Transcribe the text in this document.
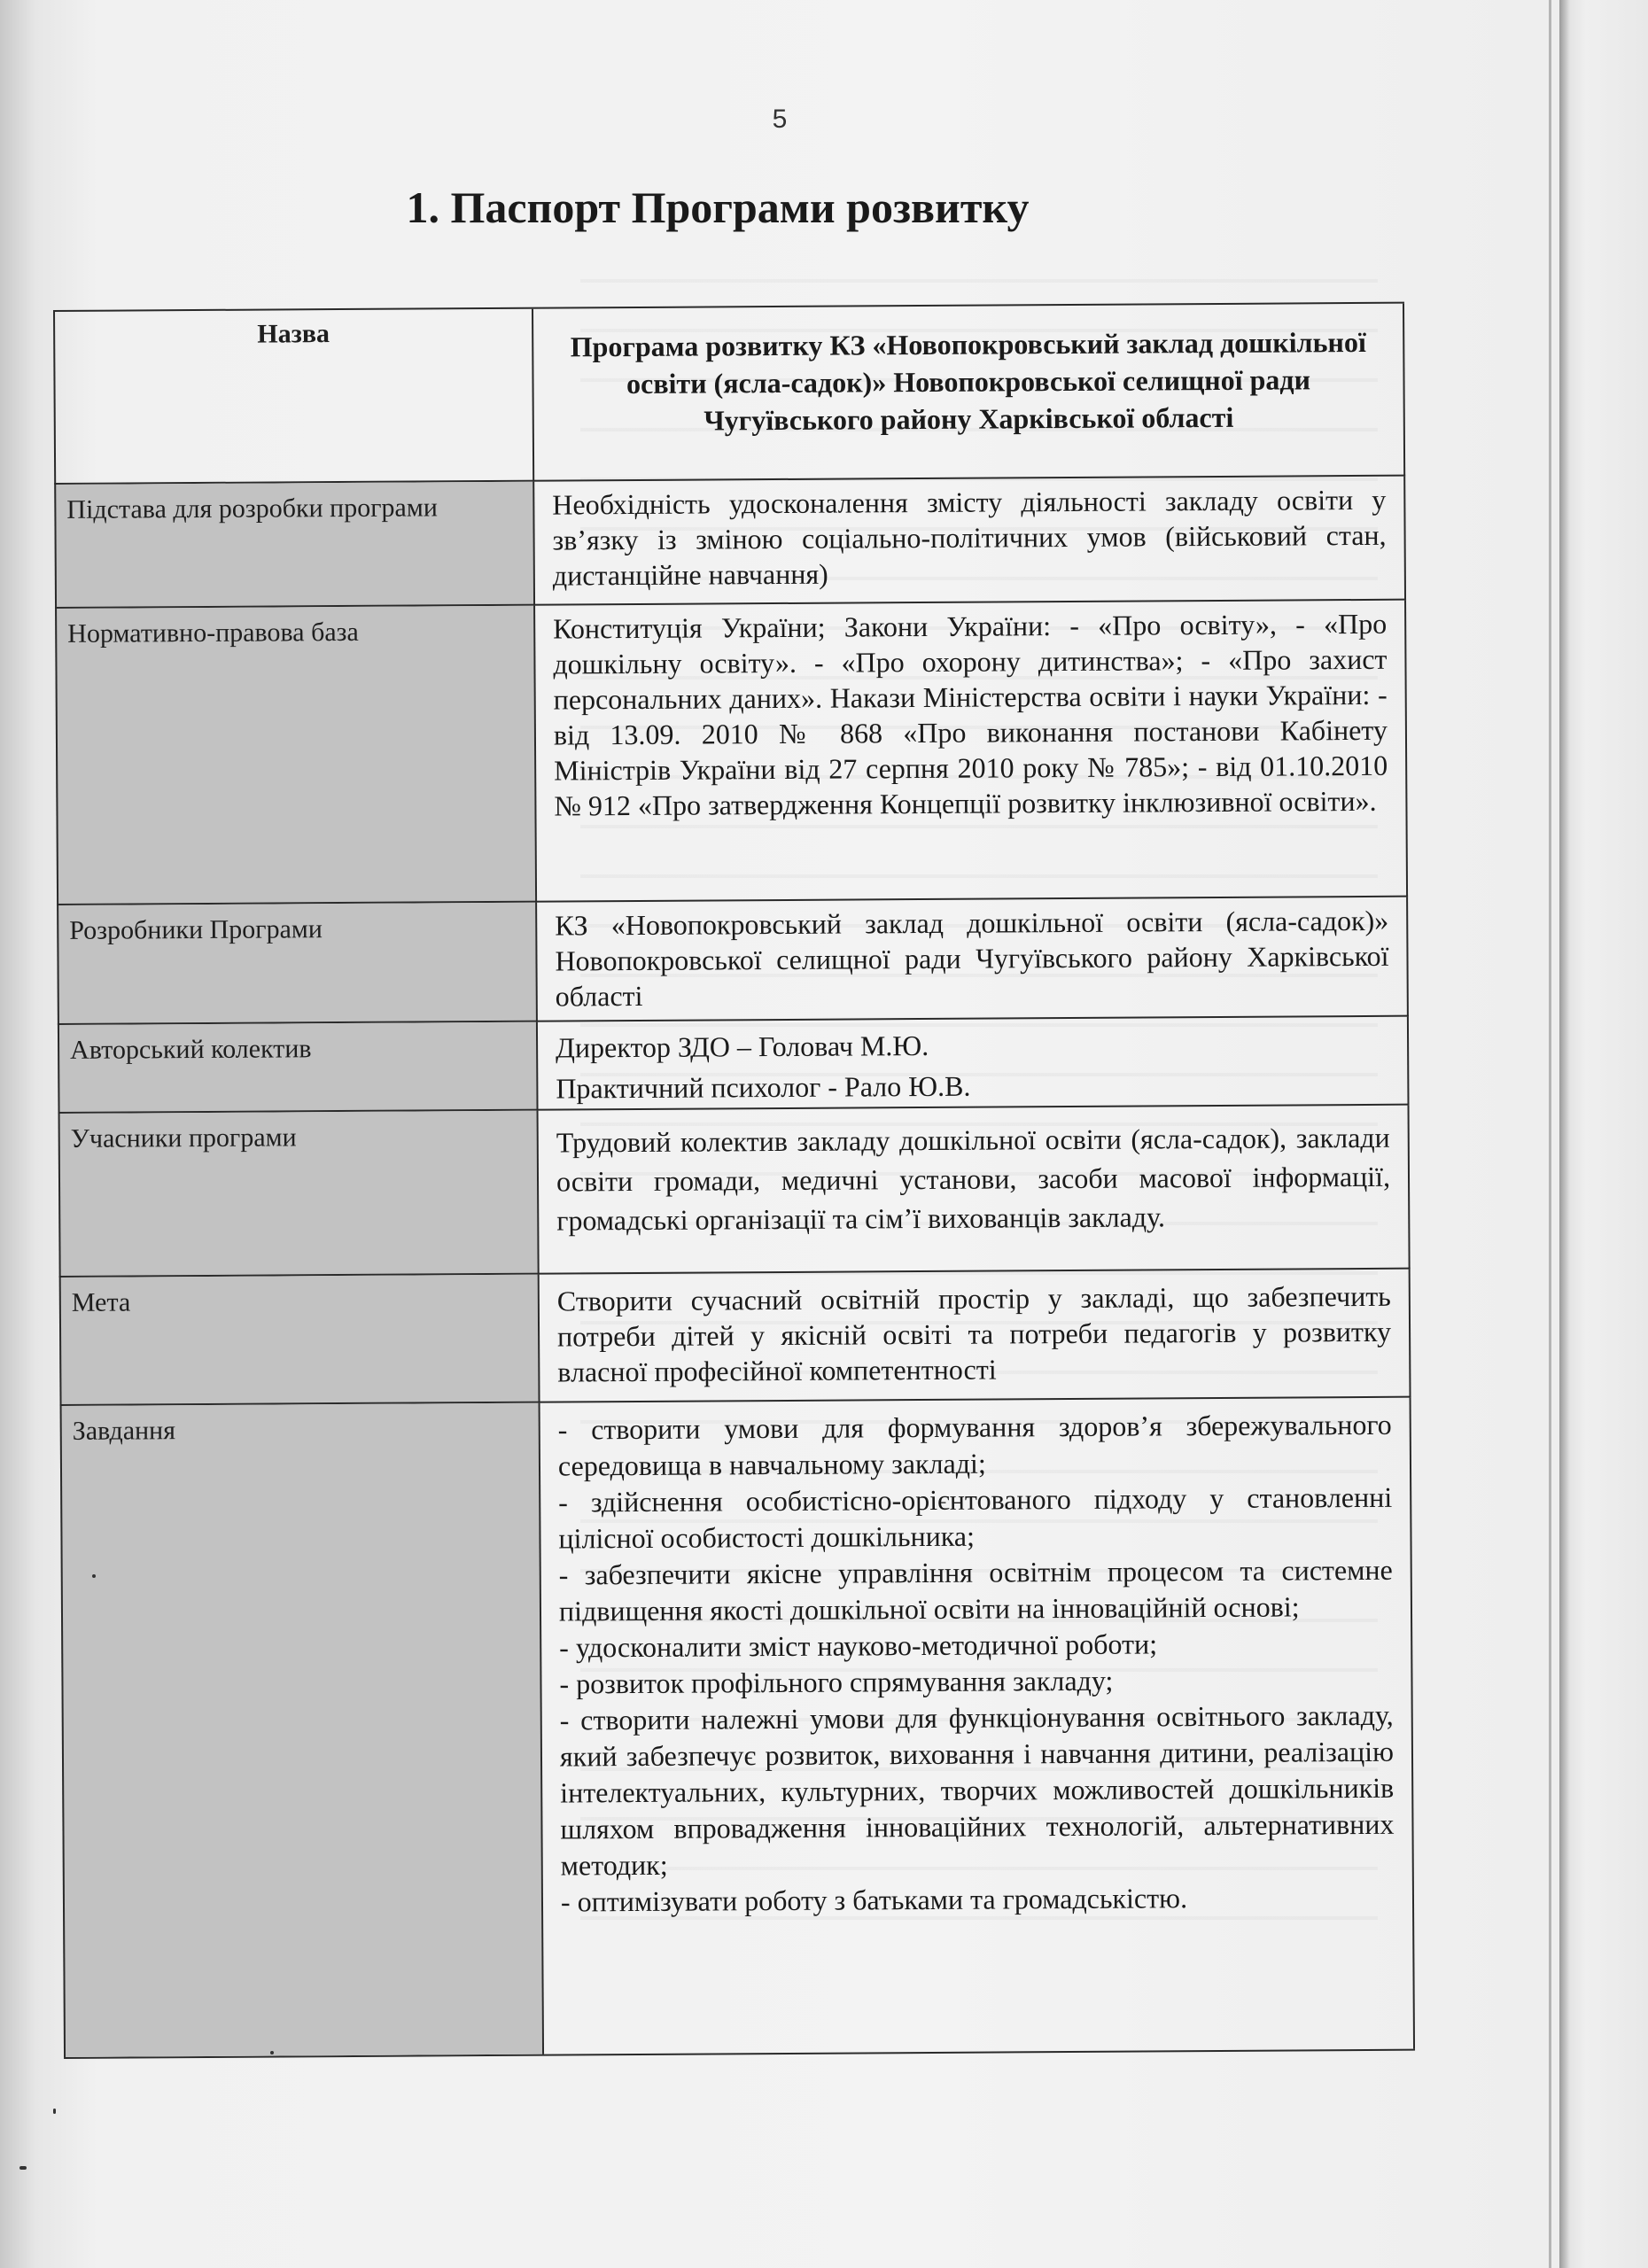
5
1. Паспорт Програми розвитку
Назва	Програма розвитку КЗ «Новопокровський заклад дошкільної освіти (ясла-садок)» Новопокровської селищної ради Чугуївського району Харківської області
Підстава для розробки програми	Необхідність удосконалення змісту діяльності закладу освіти у зв’язку із зміною соціально-політичних умов (військовий стан, дистанційне навчання)
Нормативно-правова база	Конституція України; Закони України: - «Про освіту», - «Про дошкільну освіту». - «Про охорону дитинства»; - «Про захист персональних даних». Накази Міністерства освіти і науки України: - від 13.09. 2010 № 868 «Про виконання постанови Кабінету Міністрів України від 27 серпня 2010 року № 785»; - від 01.10.2010 № 912 «Про затвердження Концепції розвитку інклюзивної освіти».
Розробники Програми	КЗ «Новопокровський заклад дошкільної освіти (ясла-садок)» Новопокровської селищної ради Чугуївського району Харківської області
Авторський колектив	Директор ЗДО – Головач М.Ю.

Практичний психолог - Рало Ю.В.

Учасники програми	Трудовий колектив закладу дошкільної освіти (ясла-садок), заклади освіти громади, медичні установи, засоби масової інформації, громадські організації та сім’ї вихованців закладу.
Мета	Створити сучасний освітній простір у закладі, що забезпечить потреби дітей у якісній освіті та потреби педагогів у розвитку власної професійної компетентності
Завдання	- створити умови для формування здоров’я збережувального середовища в навчальному закладі;

- здійснення особистісно-орієнтованого підходу у становленні цілісної особистості дошкільника;

- забезпечити якісне управління освітнім процесом та системне підвищення якості дошкільної освіти на інноваційній основі;

- удосконалити зміст науково-методичної роботи;

- розвиток профільного спрямування закладу;

- створити належні умови для функціонування освітнього закладу, який забезпечує розвиток, виховання і навчання дитини, реалізацію інтелектуальних, культурних, творчих можливостей дошкільників шляхом впровадження інноваційних технологій, альтернативних методик;

- оптимізувати роботу з батьками та громадськістю.
